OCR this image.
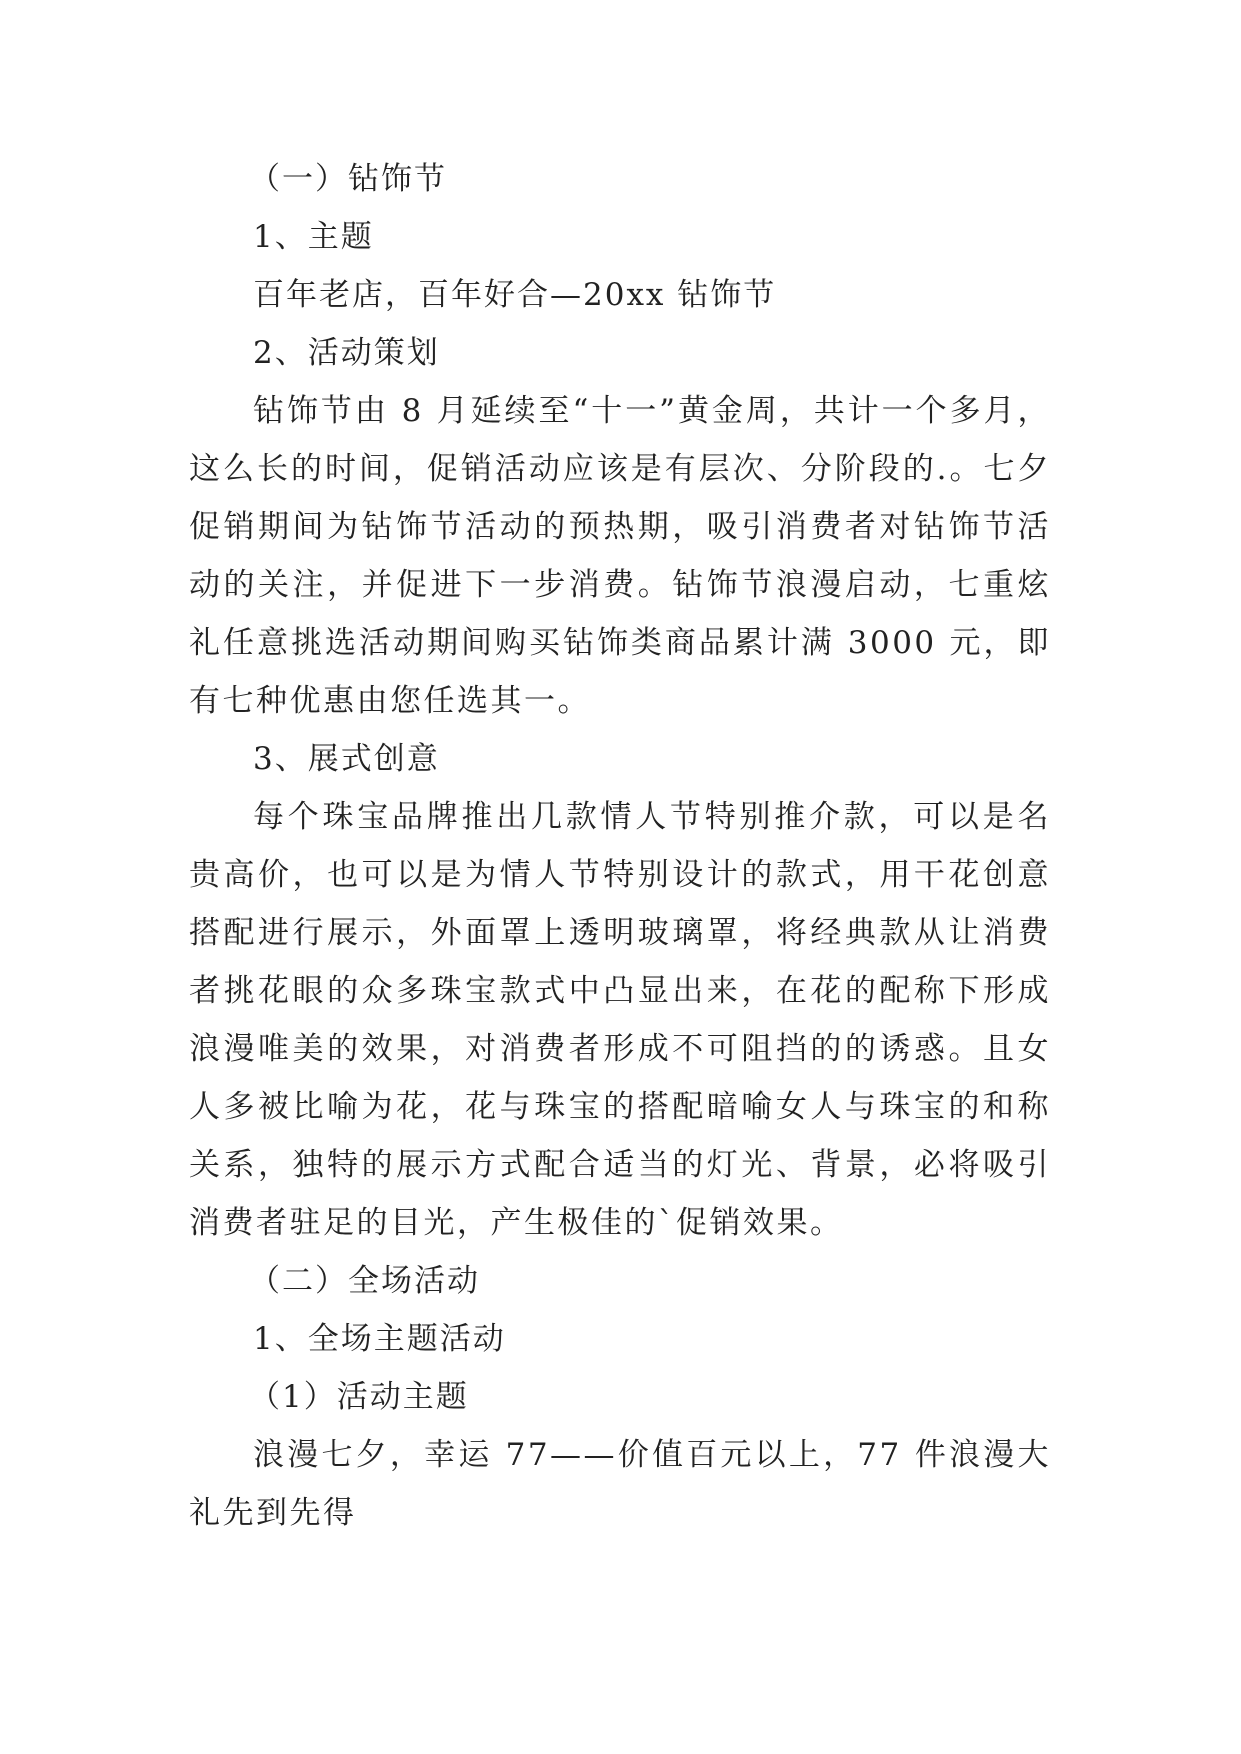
（一）钻饰节
1、主题
百年老店，百年好合—20xx 钻饰节
2、活动策划

钻饰节由 8 月延续至“十一”黄金周，共计一个多月，这么长的时间，促销活动应该是有层次、分阶段的.。七夕促销期间为钻饰节活动的预热期，吸引消费者对钻饰节活动的关注，并促进下一步消费。钻饰节浪漫启动，七重炫礼任意挑选活动期间购买钻饰类商品累计满 3000 元，即有七种优惠由您任选其一。

3、展式创意

每个珠宝品牌推出几款情人节特别推介款，可以是名贵高价，也可以是为情人节特别设计的款式，用干花创意搭配进行展示，外面罩上透明玻璃罩，将经典款从让消费者挑花眼的众多珠宝款式中凸显出来，在花的配称下形成浪漫唯美的效果，对消费者形成不可阻挡的的诱惑。且女人多被比喻为花，花与珠宝的搭配暗喻女人与珠宝的和称关系，独特的展示方式配合适当的灯光、背景，必将吸引消费者驻足的目光，产生极佳的`促销效果。

（二）全场活动
1、全场主题活动
（1）活动主题

浪漫七夕，幸运 77——价值百元以上，77 件浪漫大礼先到先得
